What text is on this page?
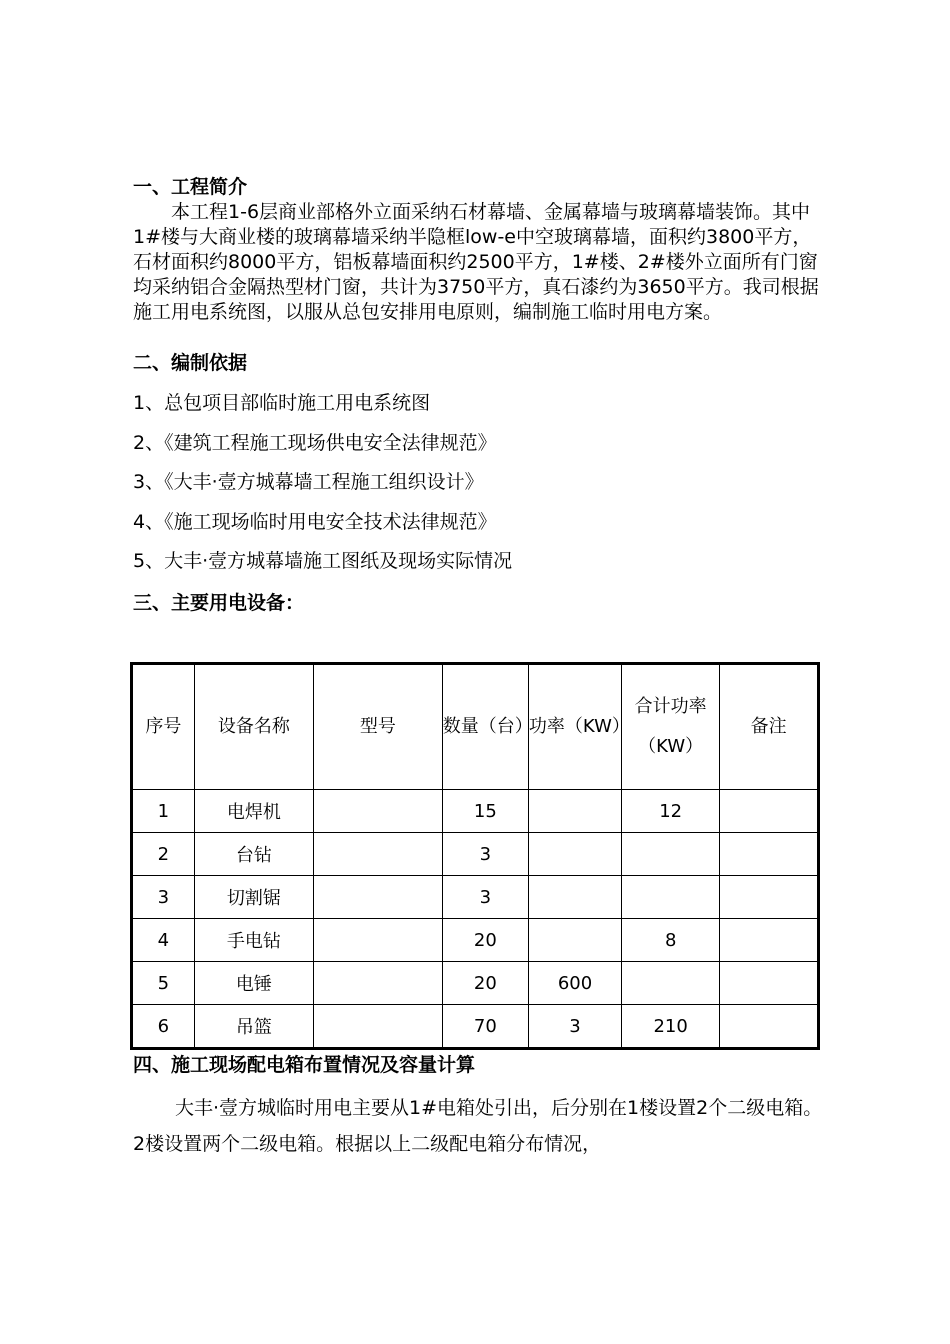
一、工程简介
本工程1-6层商业部格外立面采纳石材幕墙、金属幕墙与玻璃幕墙装饰。其中1#楼与大商业楼的玻璃幕墙采纳半隐框low-e中空玻璃幕墙，面积约3800平方，石材面积约8000平方，铝板幕墙面积约2500平方，1#楼、2#楼外立面所有门窗均采纳铝合金隔热型材门窗，共计为3750平方，真石漆约为3650平方。我司根据施工用电系统图，以服从总包安排用电原则，编制施工临时用电方案。
二、编制依据
1、总包项目部临时施工用电系统图
2、《建筑工程施工现场供电安全法律规范》
3、《大丰·壹方城幕墙工程施工组织设计》
4、《施工现场临时用电安全技术法律规范》
5、大丰·壹方城幕墙施工图纸及现场实际情况
三、主要用电设备：
序号	设备名称	型号	数量（台）	功率（KW）	合计功率（KW）	备注
1	电焊机		15		12	
2	台钻		3			
3	切割锯		3			
4	手电钻		20		8	
5	电锤		20	600		
6	吊篮		70	3	210	
四、施工现场配电箱布置情况及容量计算
大丰·壹方城临时用电主要从1#电箱处引出，后分别在1楼设置2个二级电箱。2楼设置两个二级电箱。根据以上二级配电箱分布情况，
